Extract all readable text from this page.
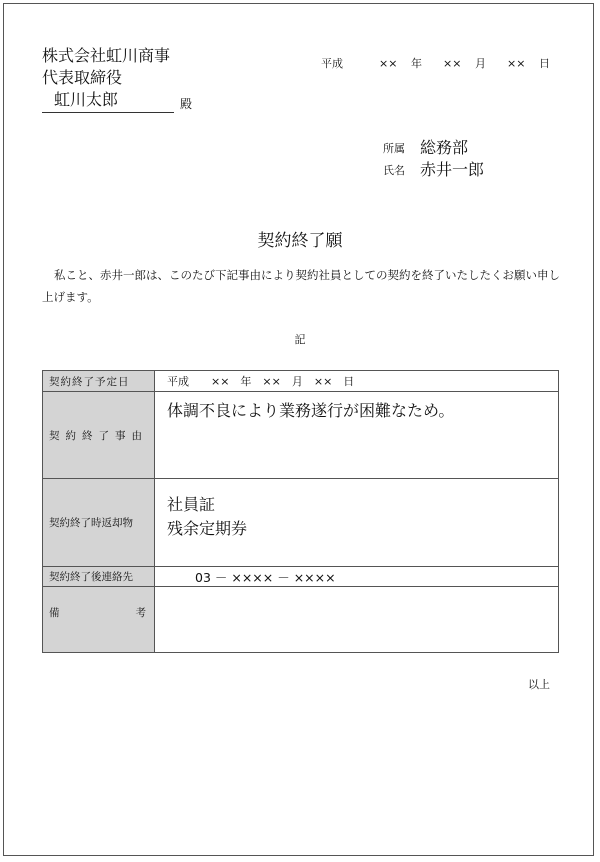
株式会社虹川商事
代表取締役
虹川太郎	殿
平成	×× 年 ×× 月 ×× 日
所属 総務部
氏名 赤井一郎
契約終了願
私こと、赤井一郎は、このたび下記事由により契約社員としての契約を終了いたしたくお願い申し上げます。
記
契約終了予定日	平成　　××　年　××　月　××　日
契約終了事由	体調不良により業務遂行が困難なため。

契約終了時返却物	社員証
残余定期券

契約終了後連絡先	03 － ×××× － ××××

備 考	

以上
